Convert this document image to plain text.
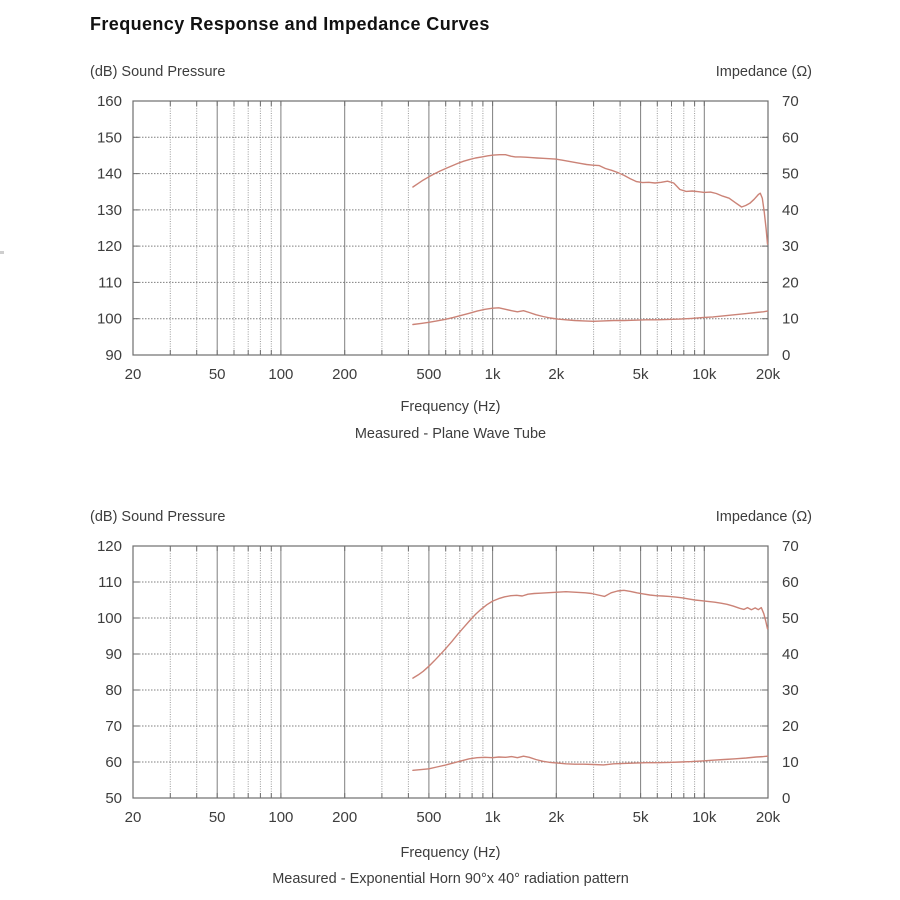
20	50	100	200	500	1k	2k	5k	10k	20k
90
100
110
120
130
140
150
160
0
10
20
30
40
50
60
70
20	50	100	200	500	1k	2k	5k	10k	20k
50
60
70
80
90
100
110
120
0
10
20
30
40
50
60
70
Frequency Response and Impedance Curves
(dB) Sound Pressure	Impedance (Ω)
Frequency (Hz)
Measured - Plane Wave Tube
(dB) Sound Pressure	Impedance (Ω)
Frequency (Hz)
Measured - Exponential Horn 90°x 40° radiation pattern
